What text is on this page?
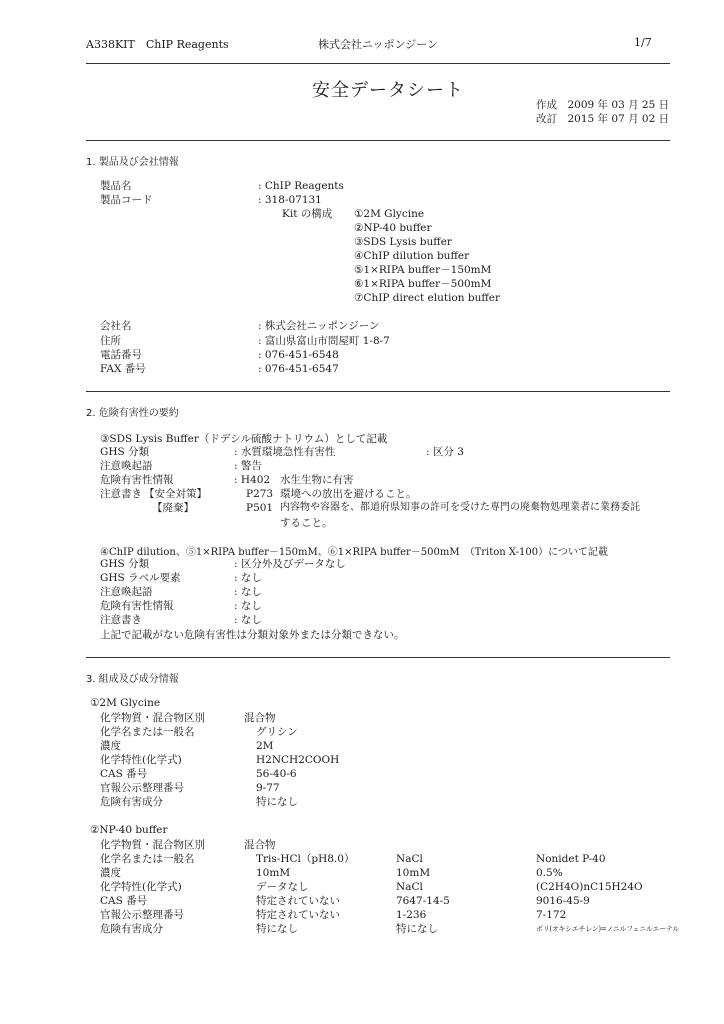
A338KIT　ChIP Reagents	株式会社ニッポンジーン	1/7
安全データシート
作成　2009 年 03 月 25 日
改訂　2015 年 07 月 02 日
1. 製品及び会社情報
製品名	: ChIP Reagents
製品コード	: 318-07131
Kit の構成 ①2M Glycine
②NP-40 buffer
③SDS Lysis buffer
④ChIP dilution buffer
⑤1×RIPA buffer－150mM
⑥1×RIPA buffer－500mM
⑦ChIP direct elution buffer
会社名	: 株式会社ニッポンジーン
住所	: 富山県富山市問屋町 1-8-7
電話番号	: 076-451-6548
FAX 番号	: 076-451-6547
2. 危険有害性の要約
③SDS Lysis Buffer（ドデシル硫酸ナトリウム）として記載
GHS 分類	: 水質環境急性有害性	: 区分 3
注意喚起語	: 警告
危険有害性情報	: H402 水生生物に有害
注意書き 【安全対策】	P273 環境への放出を避けること。
【廃棄】	P501 内容物や容器を、都道府県知事の許可を受けた専門の廃棄物処理業者に業務委託
すること。
④ChIP dilution、⑤1×RIPA buffer－150mM、⑥1×RIPA buffer－500mM　（Triton X-100）について記載
GHS 分類	: 区分外及びデータなし
GHS ラベル要素	: なし
注意喚起語	: なし
危険有害性情報	: なし
注意書き	: なし
上記で記載がない危険有害性は分類対象外または分類できない。
3. 組成及び成分情報
①2M Glycine
化学物質・混合物区別	混合物
化学名または一般名	グリシン
濃度	2M
化学特性(化学式)	H2NCH2COOH
CAS 番号	56-40-6
官報公示整理番号	9-77
危険有害成分	特になし
②NP-40 buffer
化学物質・混合物区別	混合物
化学名または一般名	Tris-HCl（pH8.0）	NaCl	Nonidet P-40
濃度	10mM	10mM	0.5%
化学特性(化学式)	データなし	NaCl	(C2H4O)nC15H24O
CAS 番号	特定されていない	7647-14-5	9016-45-9
官報公示整理番号	特定されていない	1-236	7-172
危険有害成分	特になし	特になし	ポリ(オキシエチレン)=ノニルフェニルエーテル
